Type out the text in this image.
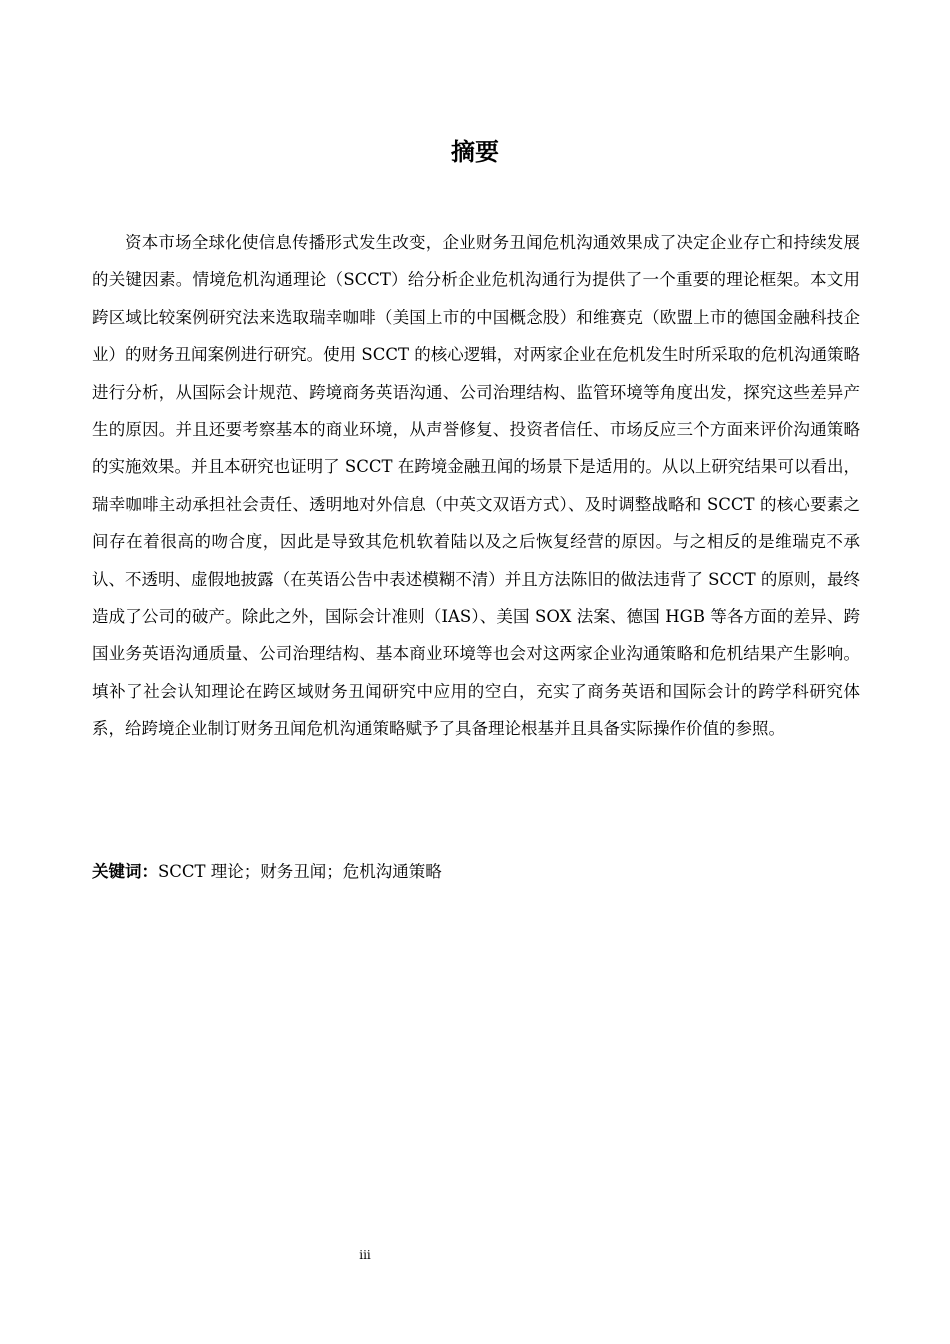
摘要

资本市场全球化使信息传播形式发生改变，企业财务丑闻危机沟通效果成了决定企业存亡和持续发展的关键因素。情境危机沟通理论（SCCT）给分析企业危机沟通行为提供了一个重要的理论框架。本文用跨区域比较案例研究法来选取瑞幸咖啡（美国上市的中国概念股）和维赛克（欧盟上市的德国金融科技企业）的财务丑闻案例进行研究。使用 SCCT 的核心逻辑，对两家企业在危机发生时所采取的危机沟通策略进行分析，从国际会计规范、跨境商务英语沟通、公司治理结构、监管环境等角度出发，探究这些差异产生的原因。并且还要考察基本的商业环境，从声誉修复、投资者信任、市场反应三个方面来评价沟通策略的实施效果。并且本研究也证明了 SCCT 在跨境金融丑闻的场景下是适用的。从以上研究结果可以看出，瑞幸咖啡主动承担社会责任、透明地对外信息（中英文双语方式）、及时调整战略和 SCCT 的核心要素之间存在着很高的吻合度，因此是导致其危机软着陆以及之后恢复经营的原因。与之相反的是维瑞克不承认、不透明、虚假地披露（在英语公告中表述模糊不清）并且方法陈旧的做法违背了 SCCT 的原则，最终造成了公司的破产。除此之外，国际会计准则（IAS）、美国 SOX 法案、德国 HGB 等各方面的差异、跨国业务英语沟通质量、公司治理结构、基本商业环境等也会对这两家企业沟通策略和危机结果产生影响。填补了社会认知理论在跨区域财务丑闻研究中应用的空白，充实了商务英语和国际会计的跨学科研究体系，给跨境企业制订财务丑闻危机沟通策略赋予了具备理论根基并且具备实际操作价值的参照。

关键词：SCCT 理论；财务丑闻；危机沟通策略
iii
